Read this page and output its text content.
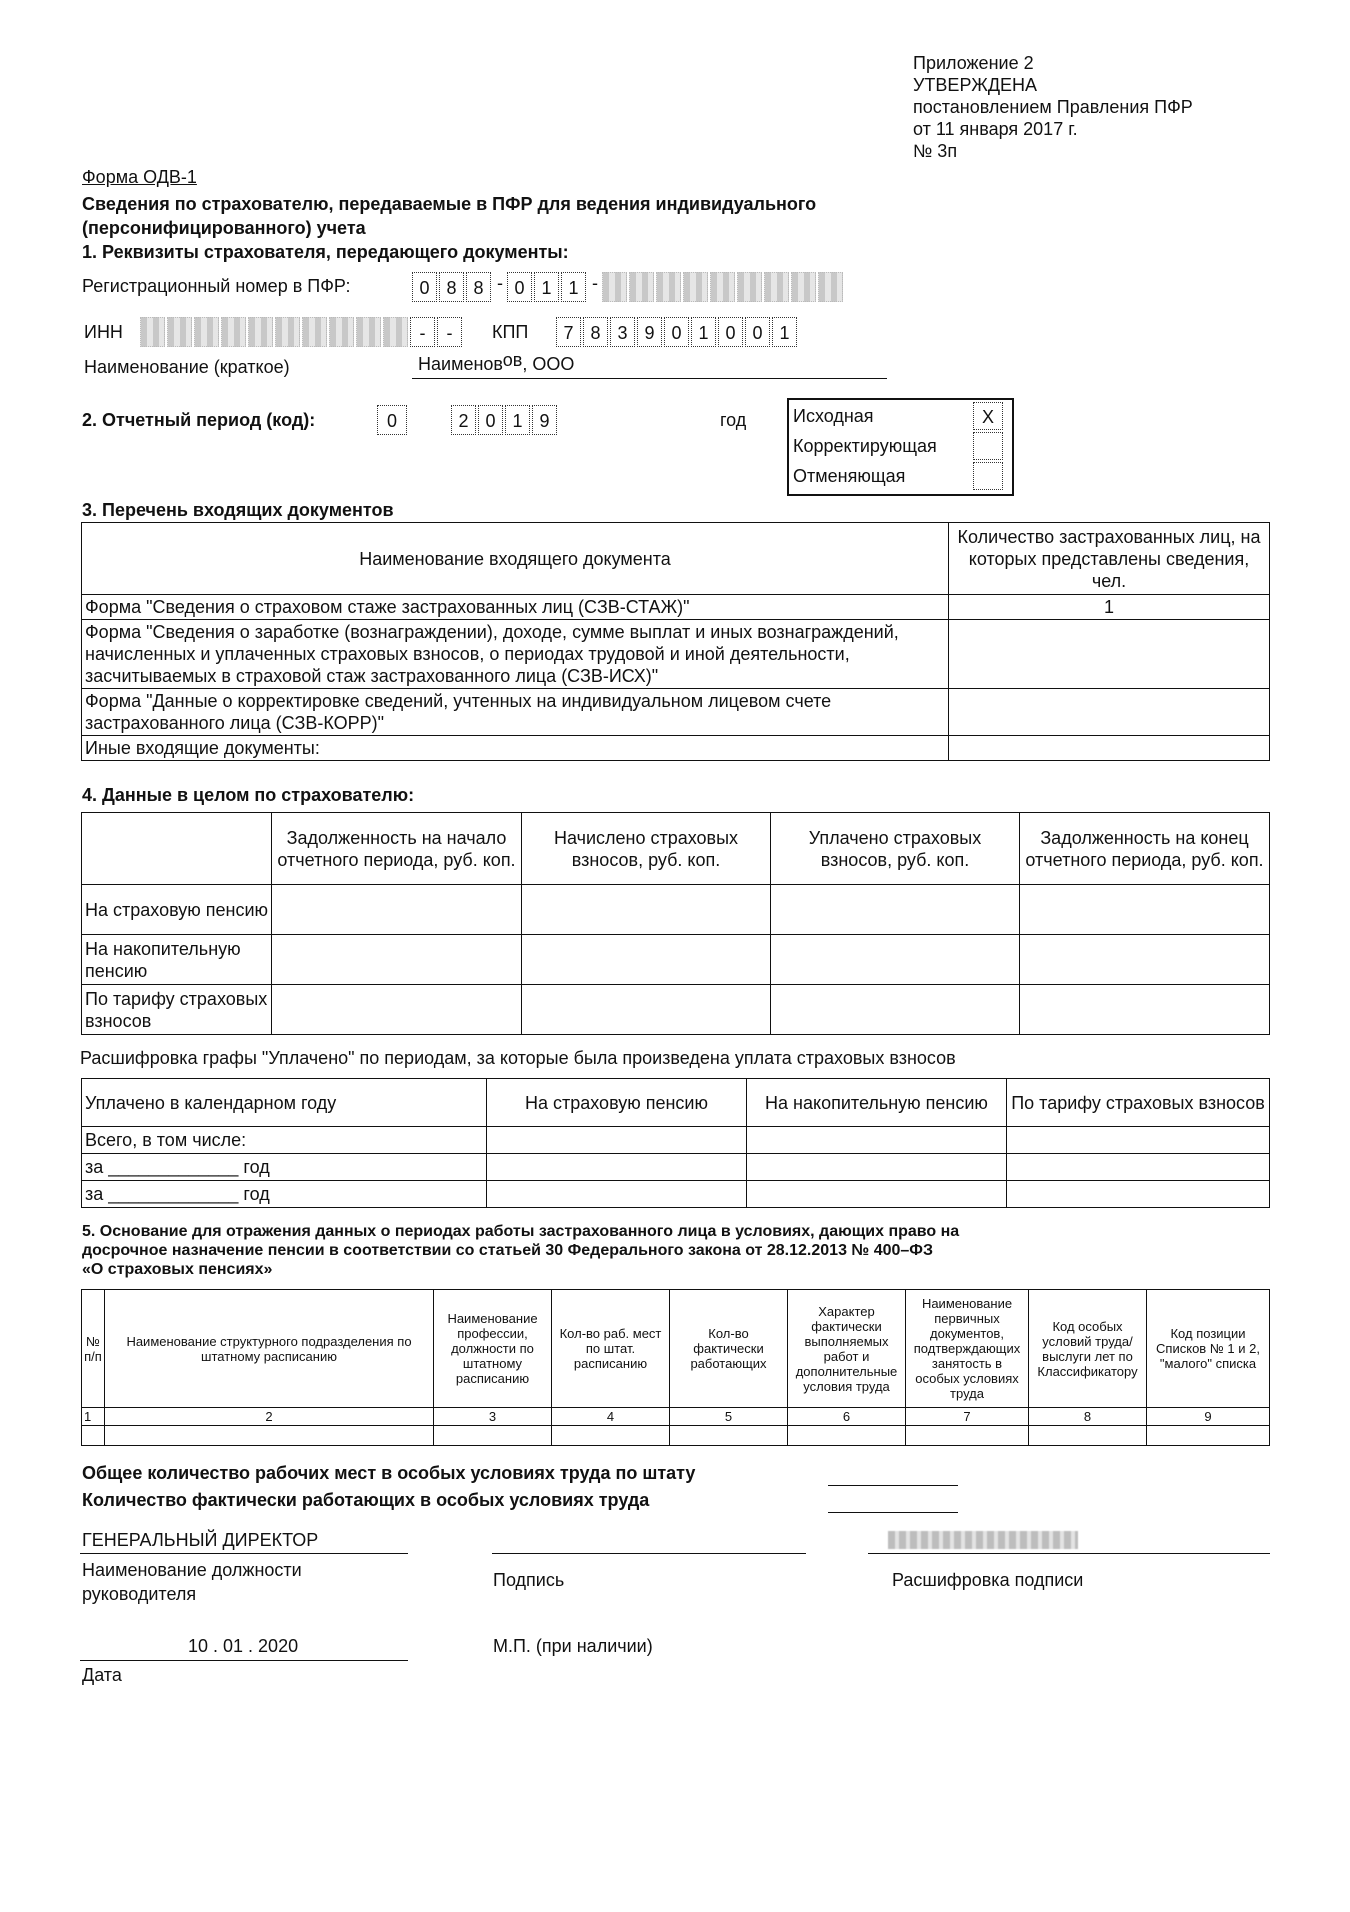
Приложение 2
УТВЕРЖДЕНА
постановлением Правления ПФР
от 11 января 2017 г.
№ 3п
Форма ОДВ-1
Сведения по страхователю, передаваемые в ПФР для ведения индивидуального
(персонифицированного) учета
1. Реквизиты страхователя, передающего документы:
Регистрационный номер в ПФР:	0 8 8 - 0 1 1 -
ИНН	-	-	КПП	7 8 3 9 0 1 0 0 1
Наименование (краткое)	Наименовов, ООО
2. Отчетный период (код):	0	2 0 1 9	год	Исходная	X
Корректирующая
Отменяющая
3. Перечень входящих документов
Наименование входящего документа	Количество застрахованных лиц, на которых представлены сведения, чел.
Форма "Сведения о страховом стаже застрахованных лиц (СЗВ-СТАЖ)"	1
Форма "Сведения о заработке (вознаграждении), доходе, сумме выплат и иных вознаграждений, начисленных и уплаченных страховых взносов, о периодах трудовой и иной деятельности, засчитываемых в страховой стаж застрахованного лица (СЗВ-ИСХ)"	
Форма "Данные о корректировке сведений, учтенных на индивидуальном лицевом счете застрахованного лица (СЗВ-КОРР)"	
Иные входящие документы:	
4. Данные в целом по страхователю:
	Задолженность на начало отчетного периода, руб. коп.	Начислено страховых взносов, руб. коп.	Уплачено страховых взносов, руб. коп.	Задолженность на конец отчетного периода, руб. коп.
На страховую пенсию				
На накопительную пенсию				
По тарифу страховых взносов				
Расшифровка графы "Уплачено" по периодам, за которые была произведена уплата страховых взносов
Уплачено в календарном году	На страховую пенсию	На накопительную пенсию	По тарифу страховых взносов
Всего, в том числе:			
за _____________ год			
за _____________ год			
5. Основание для отражения данных о периодах работы застрахованного лица в условиях, дающих право на
досрочное назначение пенсии в соответствии со статьей 30 Федерального закона от 28.12.2013 № 400–ФЗ
«О страховых пенсиях»
№ п/п	Наименование структурного подразделения по штатному расписанию	Наименование профессии, должности по штатному расписанию	Кол-во раб. мест по штат. расписанию	Кол-во фактически работающих	Характер фактически выполняемых работ и дополнительные условия труда	Наименование первичных документов, подтверждающих занятость в особых условиях труда	Код особых условий труда/ выслуги лет по Классификатору	Код позиции Списков № 1 и 2, "малого" списка
1	2	3	4	5	6	7	8	9

Общее количество рабочих мест в особых условиях труда по штату
Количество фактически работающих в особых условиях труда
ГЕНЕРАЛЬНЫЙ ДИРЕКТОР
Наименование должности руководителя
Подпись	Расшифровка подписи
10 . 01 . 2020
Дата
М.П. (при наличии)
